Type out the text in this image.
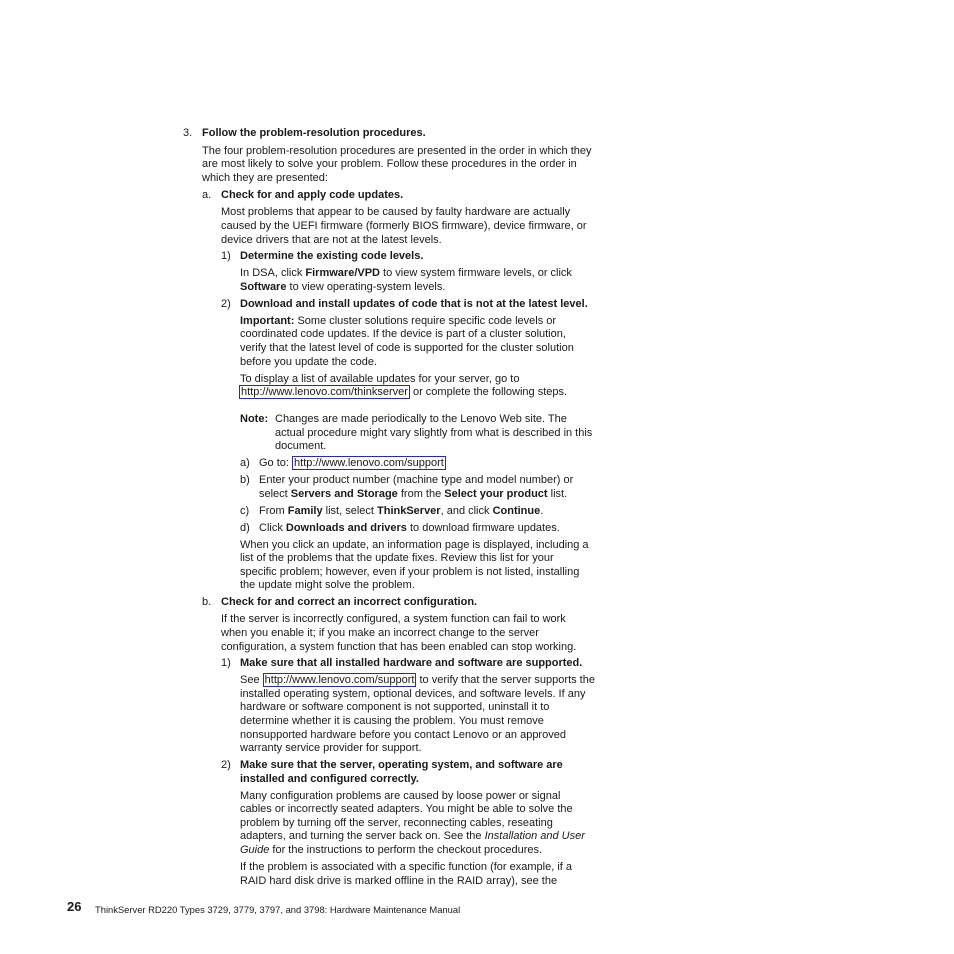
3. Follow the problem-resolution procedures.
The four problem-resolution procedures are presented in the order in which they
are most likely to solve your problem. Follow these procedures in the order in
which they are presented:
a. Check for and apply code updates.
Most problems that appear to be caused by faulty hardware are actually
caused by the UEFI firmware (formerly BIOS firmware), device firmware, or
device drivers that are not at the latest levels.
1) Determine the existing code levels.
In DSA, click Firmware/VPD to view system firmware levels, or click
Software to view operating-system levels.
2) Download and install updates of code that is not at the latest level.
Important: Some cluster solutions require specific code levels or
coordinated code updates. If the device is part of a cluster solution,
verify that the latest level of code is supported for the cluster solution
before you update the code.
To display a list of available updates for your server, go to
http://www.lenovo.com/thinkserver or complete the following steps.
Note: Changes are made periodically to the Lenovo Web site. The
actual procedure might vary slightly from what is described in this
document.
a) Go to: http://www.lenovo.com/support
b) Enter your product number (machine type and model number) or
select Servers and Storage from the Select your product list.
c) From Family list, select ThinkServer, and click Continue.
d) Click Downloads and drivers to download firmware updates.
When you click an update, an information page is displayed, including a
list of the problems that the update fixes. Review this list for your
specific problem; however, even if your problem is not listed, installing
the update might solve the problem.
b. Check for and correct an incorrect configuration.
If the server is incorrectly configured, a system function can fail to work
when you enable it; if you make an incorrect change to the server
configuration, a system function that has been enabled can stop working.
1) Make sure that all installed hardware and software are supported.
See http://www.lenovo.com/support to verify that the server supports the
installed operating system, optional devices, and software levels. If any
hardware or software component is not supported, uninstall it to
determine whether it is causing the problem. You must remove
nonsupported hardware before you contact Lenovo or an approved
warranty service provider for support.
2) Make sure that the server, operating system, and software are
installed and configured correctly.
Many configuration problems are caused by loose power or signal
cables or incorrectly seated adapters. You might be able to solve the
problem by turning off the server, reconnecting cables, reseating
adapters, and turning the server back on. See the Installation and User
Guide for the instructions to perform the checkout procedures.
If the problem is associated with a specific function (for example, if a
RAID hard disk drive is marked offline in the RAID array), see the
26 ThinkServer RD220 Types 3729, 3779, 3797, and 3798: Hardware Maintenance Manual
